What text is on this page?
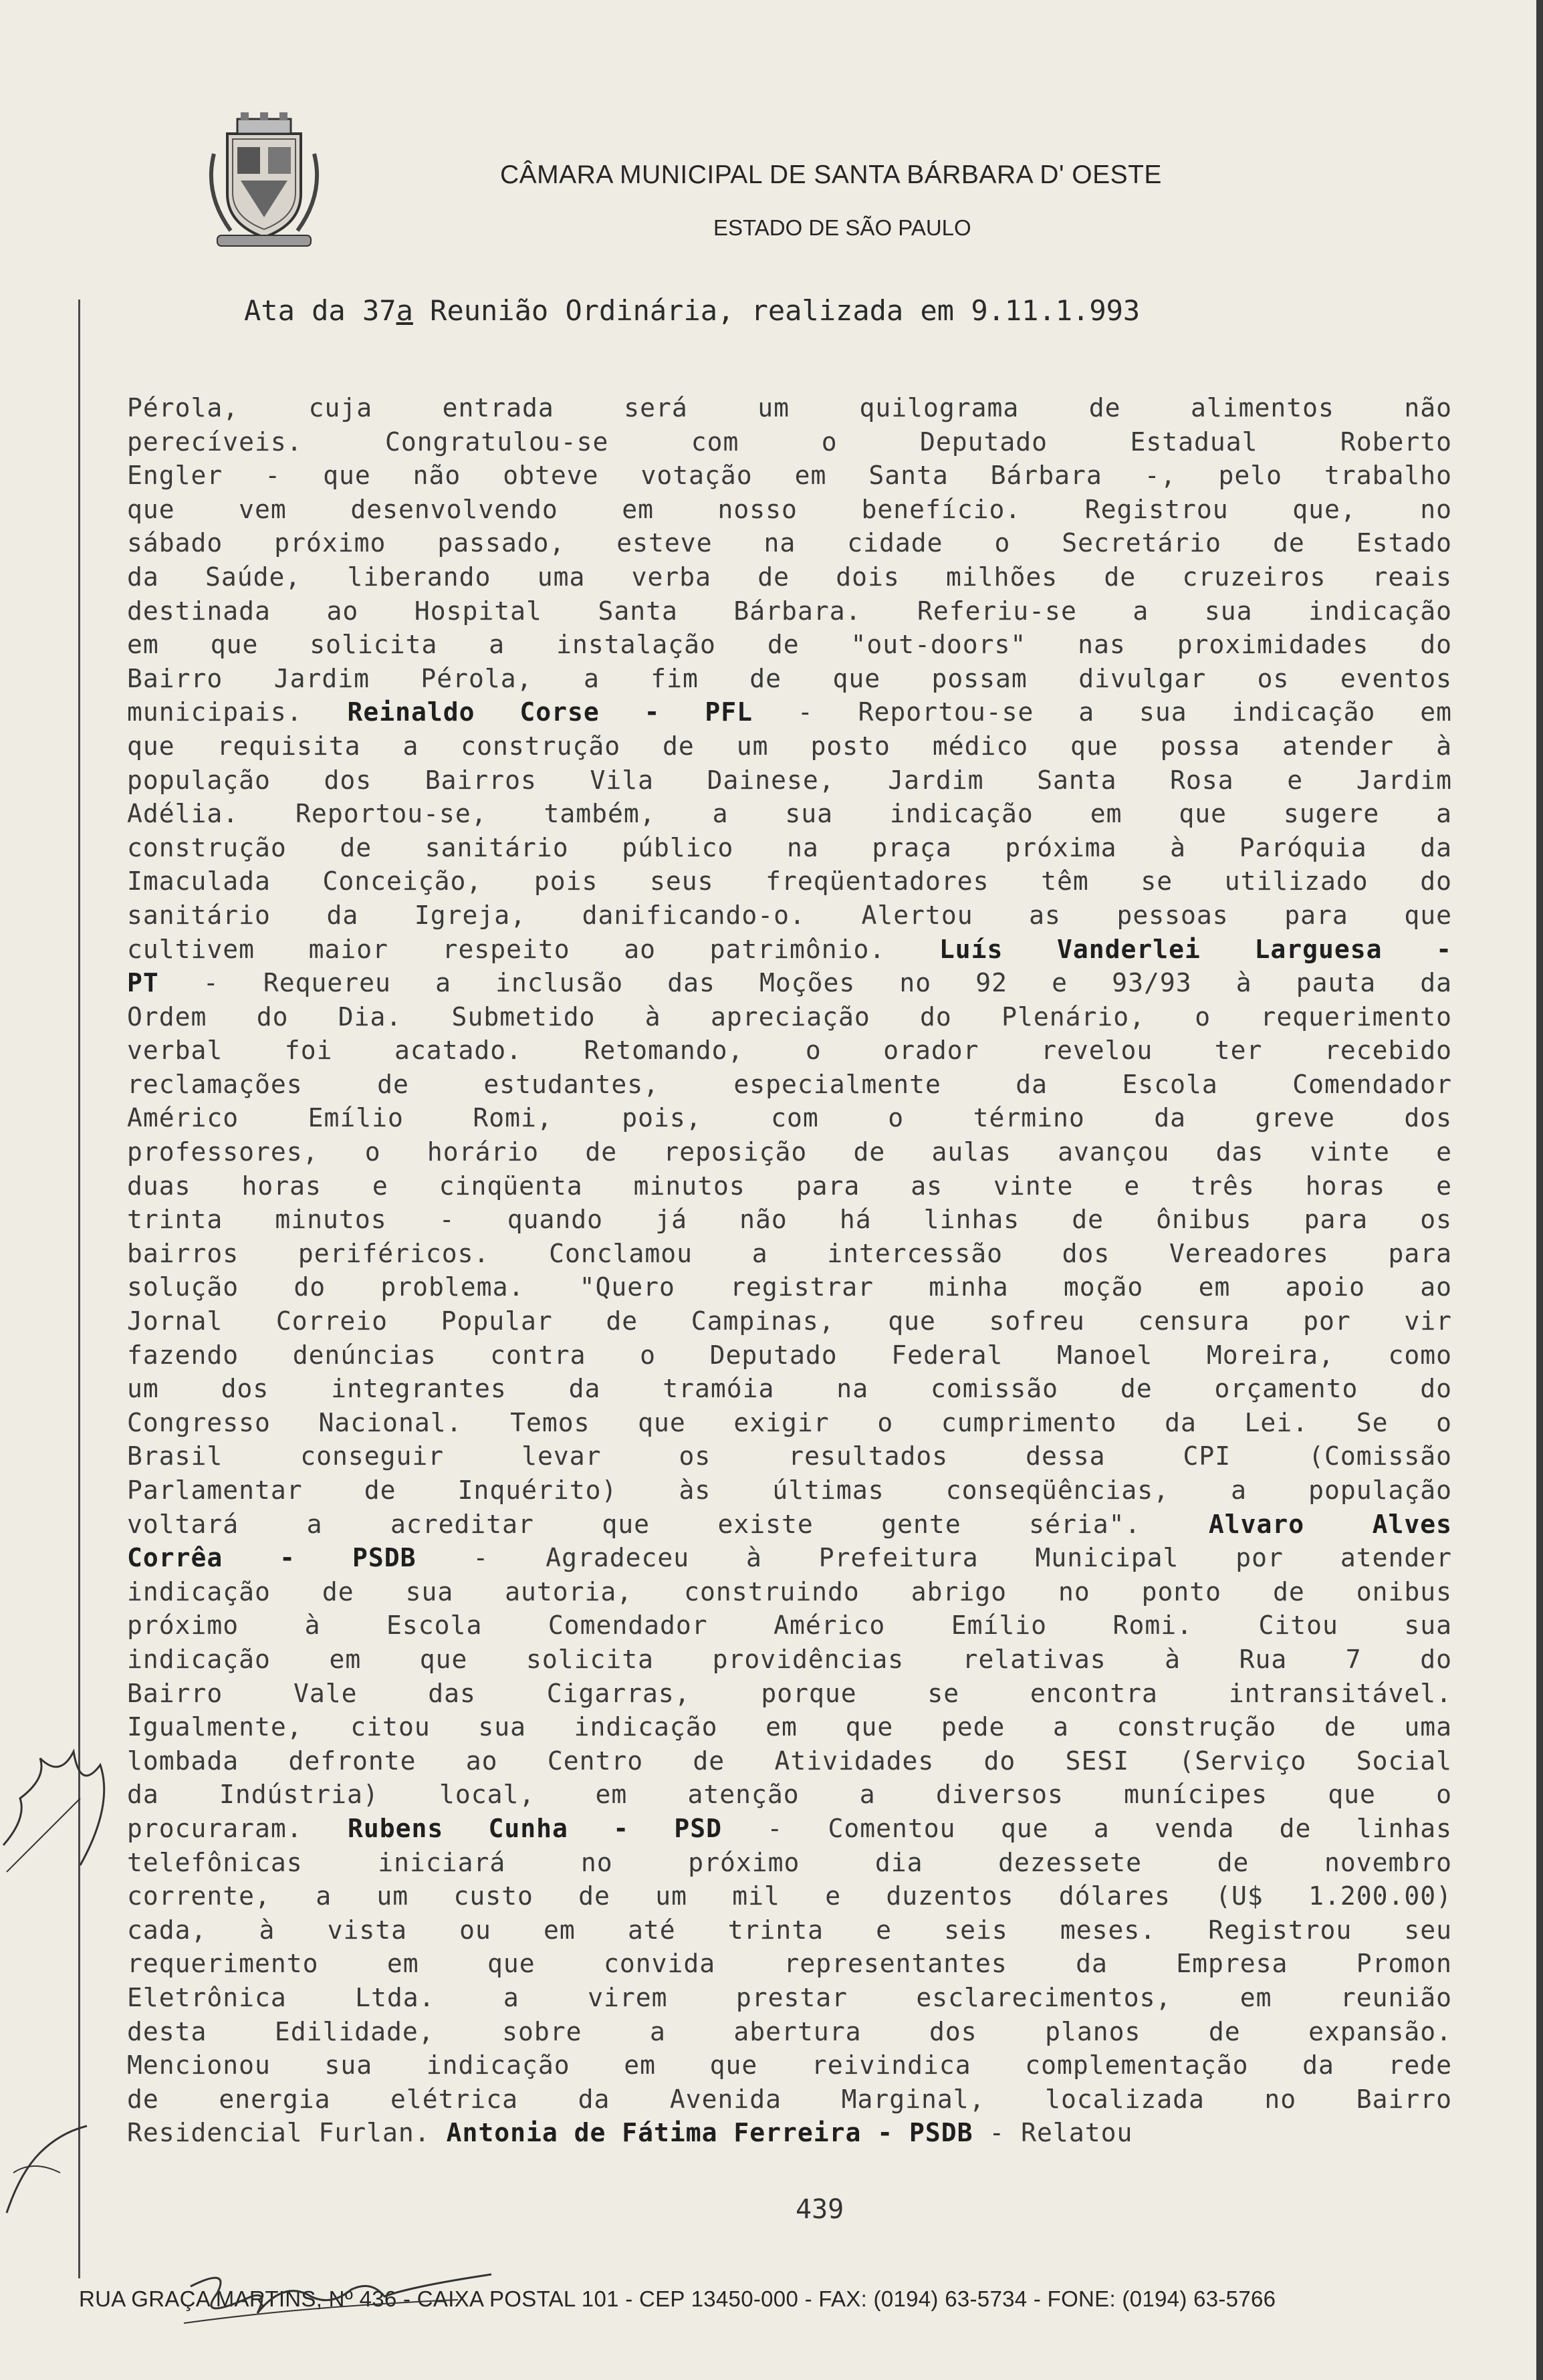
CÂMARA MUNICIPAL DE SANTA BÁRBARA D' OESTE
ESTADO DE SÃO PAULO
Ata da 37a Reunião Ordinária, realizada em 9.11.1.993
Pérola, cuja entrada será um quilograma de alimentos não
perecíveis. Congratulou-se com o Deputado Estadual Roberto
Engler - que não obteve votação em Santa Bárbara -, pelo trabalho
que vem desenvolvendo em nosso benefício. Registrou que, no
sábado próximo passado, esteve na cidade o Secretário de Estado
da Saúde, liberando uma verba de dois milhões de cruzeiros reais
destinada ao Hospital Santa Bárbara. Referiu-se a sua indicação
em que solicita a instalação de "out-doors" nas proximidades do
Bairro Jardim Pérola, a fim de que possam divulgar os eventos
municipais. Reinaldo Corse - PFL - Reportou-se a sua indicação em
que requisita a construção de um posto médico que possa atender à
população dos Bairros Vila Dainese, Jardim Santa Rosa e Jardim
Adélia. Reportou-se, também, a sua indicação em que sugere a
construção de sanitário público na praça próxima à Paróquia da
Imaculada Conceição, pois seus freqüentadores têm se utilizado do
sanitário da Igreja, danificando-o. Alertou as pessoas para que
cultivem maior respeito ao patrimônio. Luís Vanderlei Larguesa -
PT - Requereu a inclusão das Moções no 92 e 93/93 à pauta da
Ordem do Dia. Submetido à apreciação do Plenário, o requerimento
verbal foi acatado. Retomando, o orador revelou ter recebido
reclamações de estudantes, especialmente da Escola Comendador
Américo Emílio Romi, pois, com o término da greve dos
professores, o horário de reposição de aulas avançou das vinte e
duas horas e cinqüenta minutos para as vinte e três horas e
trinta minutos - quando já não há linhas de ônibus para os
bairros periféricos. Conclamou a intercessão dos Vereadores para
solução do problema. "Quero registrar minha moção em apoio ao
Jornal Correio Popular de Campinas, que sofreu censura por vir
fazendo denúncias contra o Deputado Federal Manoel Moreira, como
um dos integrantes da tramóia na comissão de orçamento do
Congresso Nacional. Temos que exigir o cumprimento da Lei. Se o
Brasil conseguir levar os resultados dessa CPI (Comissão
Parlamentar de Inquérito) às últimas conseqüências, a população
voltará a acreditar que existe gente séria". Alvaro Alves
Corrêa - PSDB - Agradeceu à Prefeitura Municipal por atender
indicação de sua autoria, construindo abrigo no ponto de onibus
próximo à Escola Comendador Américo Emílio Romi. Citou sua
indicação em que solicita providências relativas à Rua 7 do
Bairro Vale das Cigarras, porque se encontra intransitável.
Igualmente, citou sua indicação em que pede a construção de uma
lombada defronte ao Centro de Atividades do SESI (Serviço Social
da Indústria) local, em atenção a diversos munícipes que o
procuraram. Rubens Cunha - PSD - Comentou que a venda de linhas
telefônicas iniciará no próximo dia dezessete de novembro
corrente, a um custo de um mil e duzentos dólares (U$ 1.200.00)
cada, à vista ou em até trinta e seis meses. Registrou seu
requerimento em que convida representantes da Empresa Promon
Eletrônica Ltda. a virem prestar esclarecimentos, em reunião
desta Edilidade, sobre a abertura dos planos de expansão.
Mencionou sua indicação em que reivindica complementação da rede
de energia elétrica da Avenida Marginal, localizada no Bairro
Residencial Furlan. Antonia de Fátima Ferreira - PSDB - Relatou
439
RUA GRAÇA MARTINS, Nº 436 - CAIXA POSTAL 101 - CEP 13450-000 - FAX: (0194) 63-5734 - FONE: (0194) 63-5766
